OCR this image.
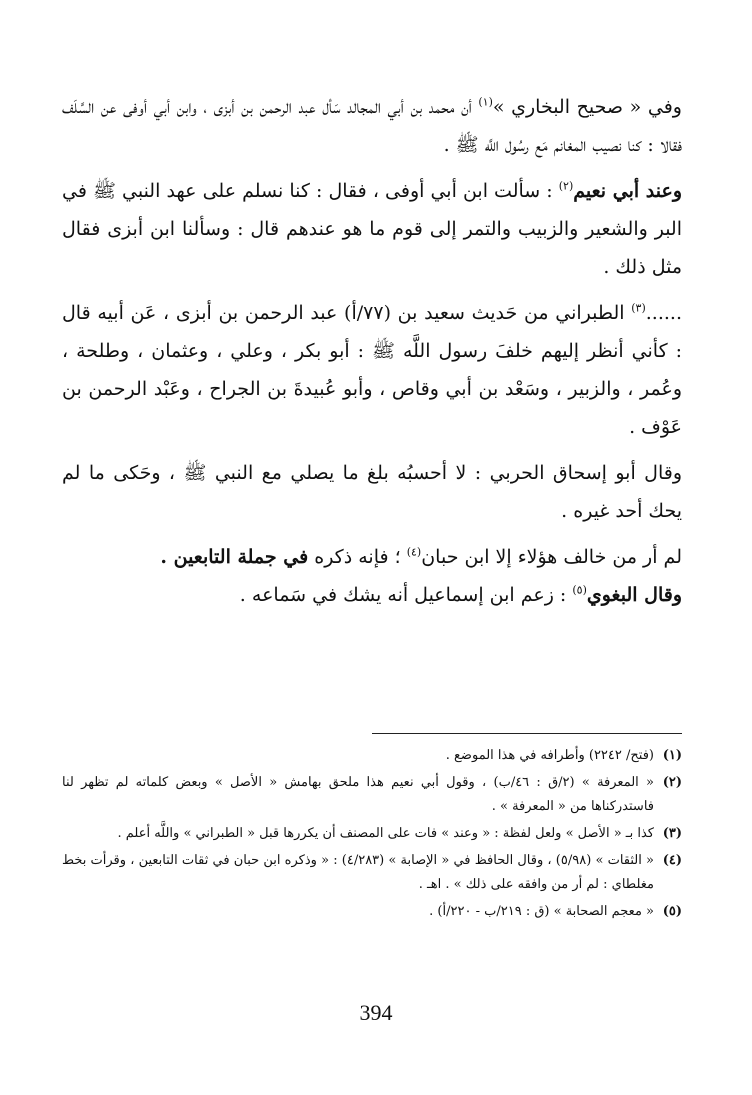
وفي « صحيح البخاري »$^{(١)}$ أن محمد بن أبي المجالد سَأل عبد الرحمن بن أبزى ، وابن أبي أوفى عن السَّلَف فقالا : كنا نصيب المغانم مَع رسُول اللَّه ﷺ .

وعند أبي نعيم$^{(٢)}$ : سألت ابن أبي أوفى ، فقال : كنا نسلم على عهد النبي ﷺ في البر والشعير والزبيب والتمر إلى قوم ما هو عندهم قال : وسألنا ابن أبزى فقال مثل ذلك .

......$^{(٣)}$ الطبراني من حَديث سعيد بن (٧٧/أ) عبد الرحمن بن أبزى ، عَن أبيه قال : كأني أنظر إليهم خلفَ رسول اللَّه ﷺ : أبو بكر ، وعلي ، وعثمان ، وطلحة ، وعُمر ، والزبير ، وسَعْد بن أبي وقاص ، وأبو عُبيدةَ بن الجراح ، وعَبْد الرحمن بن عَوْف .

وقال أبو إسحاق الحربي : لا أحسبُه بلغ ما يصلي مع النبي ﷺ ، وحَكى ما لم يحك أحد غيره .

لم أر من خالف هؤلاء إلا ابن حبان$^{(٤)}$ ؛ فإنه ذكره في جملة التابعين .

وقال البغوي$^{(٥)}$ : زعم ابن إسماعيل أنه يشك في سَماعه .

(١)
(فتح/ ٢٢٤٢) وأطرافه في هذا الموضع .
(٢)
« المعرفة » (٢/ق : ٤٦/ب) ، وقول أبي نعيم هذا ملحق بهامش « الأصل » وبعض كلماته لم تظهر لنا فاستدركناها من « المعرفة » .
(٣)
كذا بـ « الأصل » ولعل لفظة : « وعند » فات على المصنف أن يكررها قبل « الطبراني » واللَّه أعلم .
(٤)
« الثقات » (٥/٩٨) ، وقال الحافظ في « الإصابة » (٤/٢٨٣) : « وذكره ابن حبان في ثقات التابعين ، وقرأت بخط مغلطاي : لم أر من وافقه على ذلك » . اهـ .
(٥)
« معجم الصحابة » (ق : ٢١٩/ب - ٢٢٠/أ) .
394
